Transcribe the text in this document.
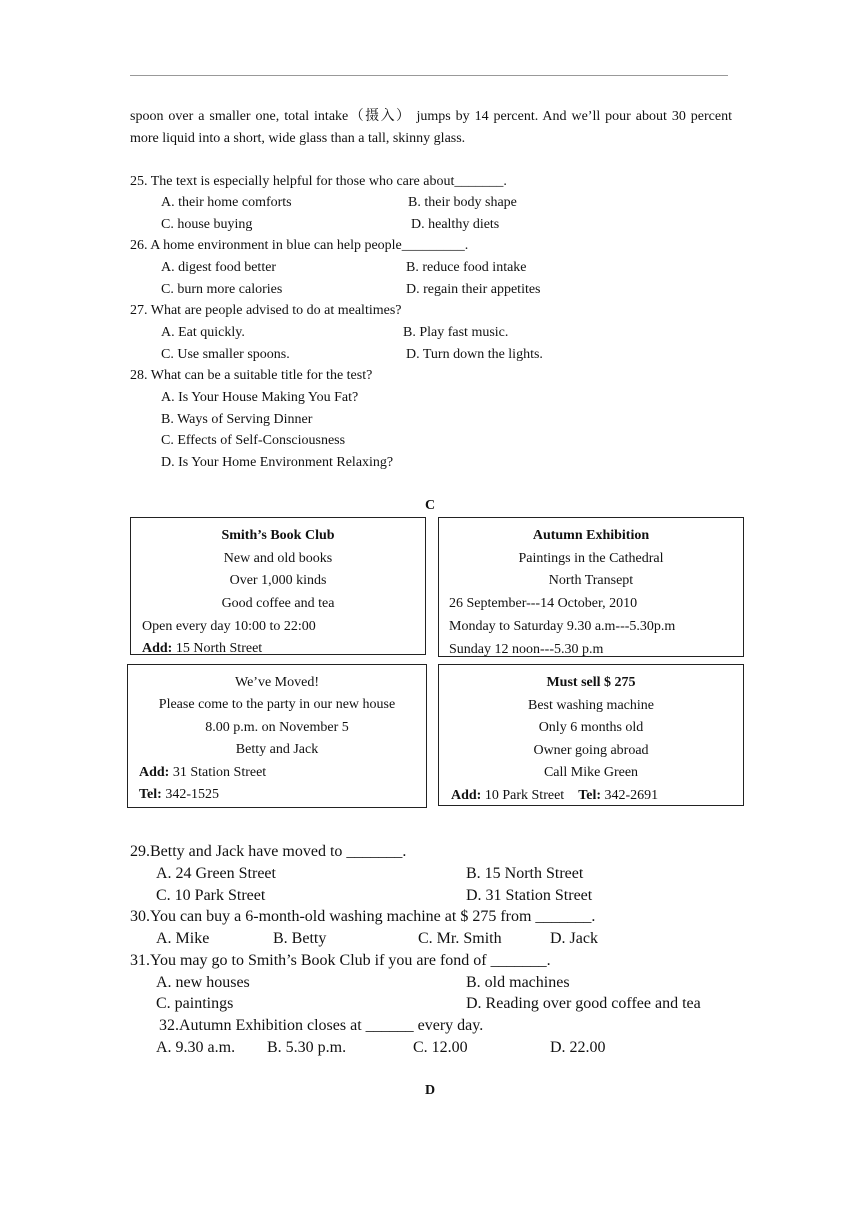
spoon over a smaller one, total intake（摄入） jumps by 14 percent. And we’ll pour about 30 percent more liquid into a short, wide glass than a tall, skinny glass.
25. The text is especially helpful for those who care about_______.
A. their home comforts	B. their body shape
C. house buying	D. healthy diets
26. A home environment in blue can help people_________.
A. digest food better	B. reduce food intake
C. burn more calories	D. regain their appetites
27. What are people advised to do at mealtimes?
A. Eat quickly.	B. Play fast music.
C. Use smaller spoons.	D. Turn down the lights.
28. What can be a suitable title for the test?
A. Is Your House Making You Fat?
B. Ways of Serving Dinner
C. Effects of Self-Consciousness
D. Is Your Home Environment Relaxing?
C
Smith’s Book Club
New and old books
Over 1,000 kinds
Good coffee and tea
Open every day 10:00 to 22:00
Add: 15 North Street
Autumn Exhibition
Paintings in the Cathedral
North Transept
26 September---14 October, 2010
Monday to Saturday 9.30 a.m---5.30p.m
Sunday 12 noon---5.30 p.m
We’ve Moved!
Please come to the party in our new house
8.00 p.m. on November 5
Betty and Jack
Add: 31 Station Street
Tel: 342-1525
Must sell $ 275
Best washing machine
Only 6 months old
Owner going abroad
Call Mike Green
Add: 10 Park Street Tel: 342-2691
29.Betty and Jack have moved to _______.
A. 24 Green Street	B. 15 North Street
C. 10 Park Street	D. 31 Station Street
30.You can buy a 6-month-old washing machine at $ 275 from _______.
A. Mike	B. Betty	C. Mr. Smith	D. Jack
31.You may go to Smith’s Book Club if you are fond of _______.
A. new houses	B. old machines
C. paintings	D. Reading over good coffee and tea
32.Autumn Exhibition closes at ______ every day.
A. 9.30 a.m. B. 5.30 p.m.	C. 12.00	D. 22.00
D
